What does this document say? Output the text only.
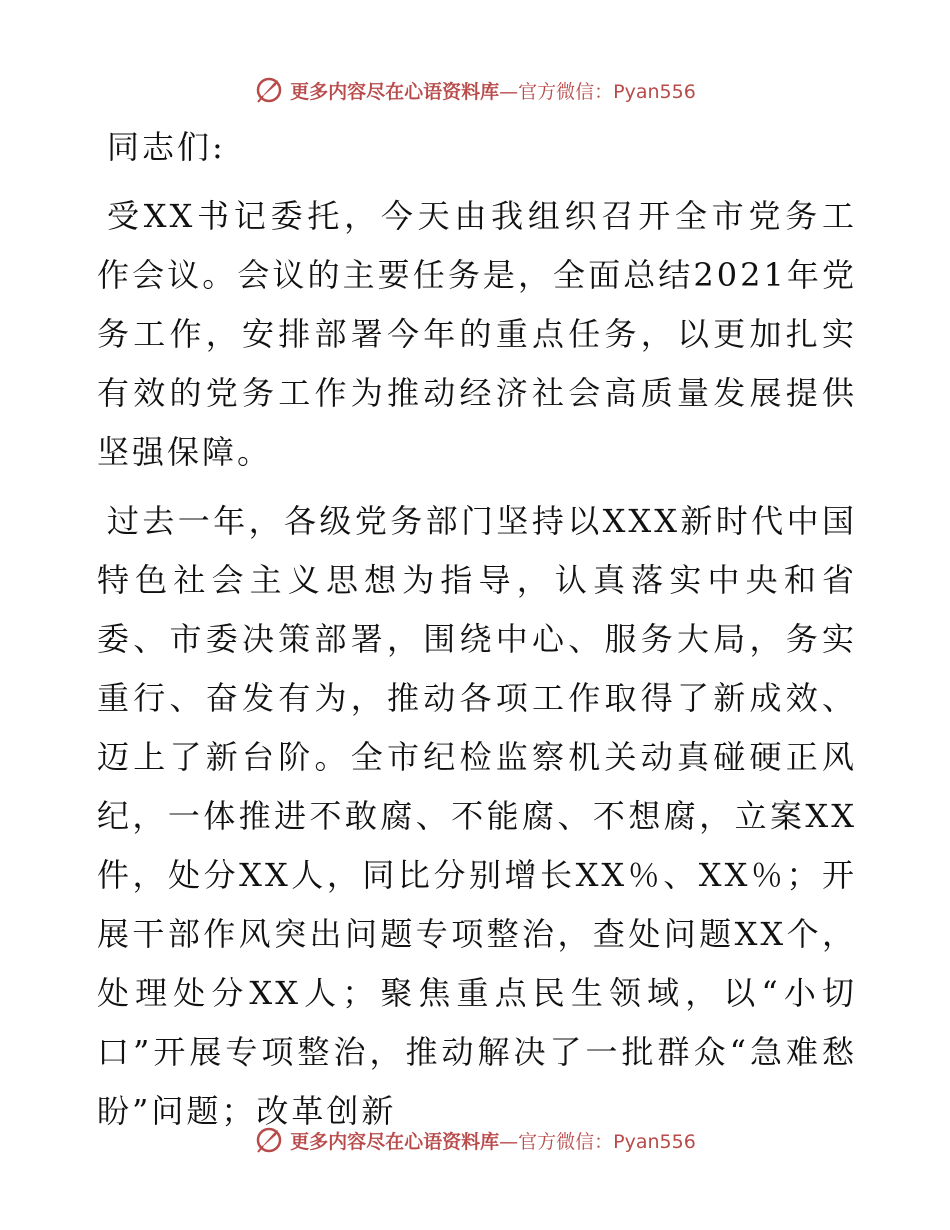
更多内容尽在心语资料库 —官方微信：Pyan556

同志们:

受XX书记委托，今天由我组织召开全市党务工作会议。会议的主要任务是，全面总结2021年党务工作，安排部署今年的重点任务，以更加扎实有效的党务工作为推动经济社会高质量发展提供坚强保障。

过去一年，各级党务部门坚持以XXX新时代中国特色社会主义思想为指导，认真落实中央和省委、市委决策部署，围绕中心、服务大局，务实重行、奋发有为，推动各项工作取得了新成效、迈上了新台阶。全市纪检监察机关动真碰硬正风纪，一体推进不敢腐、不能腐、不想腐，立案XX件，处分XX人，同比分别增长XX％、XX％；开展干部作风突出问题专项整治，查处问题XX个，处理处分XX人；聚焦重点民生领域，以“小切口”开展专项整治，推动解决了一批群众“急难愁盼”问题；改革创新

更多内容尽在心语资料库 —官方微信：Pyan556
